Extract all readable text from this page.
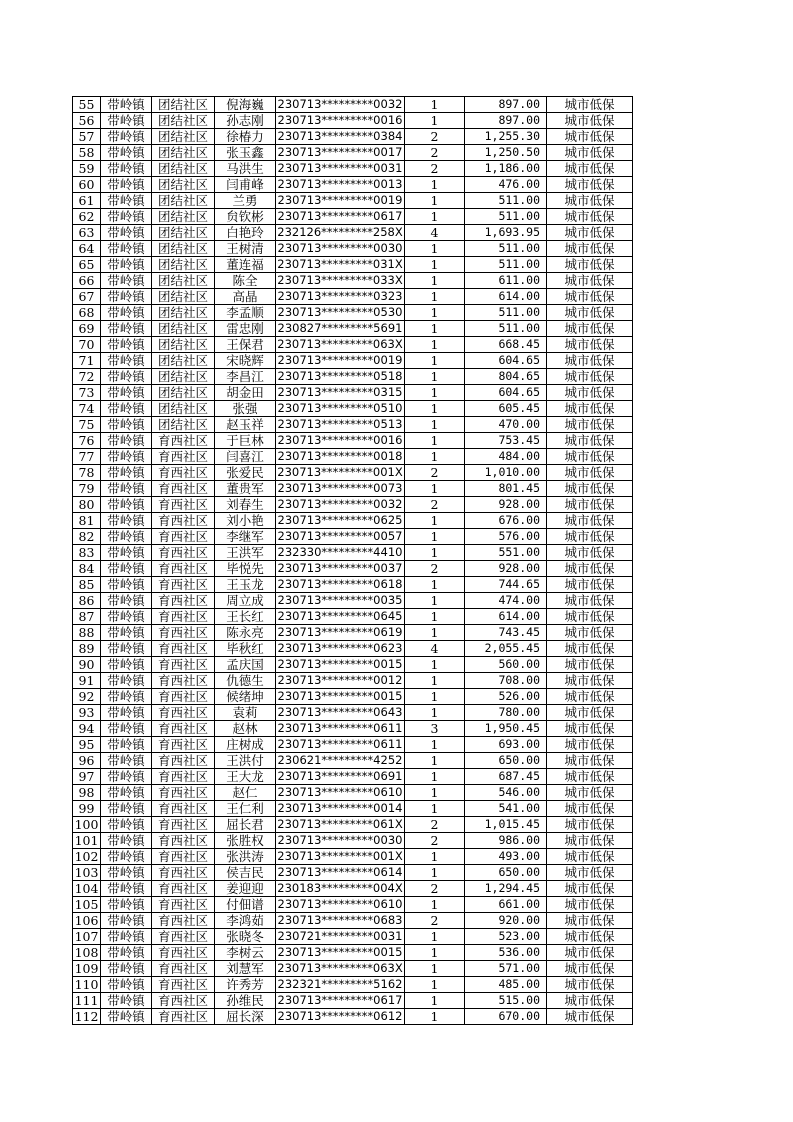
55	带岭镇	团结社区	倪海巍	230713*********0032	1	897.00	城市低保
56	带岭镇	团结社区	孙志刚	230713*********0016	1	897.00	城市低保
57	带岭镇	团结社区	徐椿力	230713*********0384	2	1,255.30	城市低保
58	带岭镇	团结社区	张玉鑫	230713*********0017	2	1,250.50	城市低保
59	带岭镇	团结社区	马洪生	230713*********0031	2	1,186.00	城市低保
60	带岭镇	团结社区	闫甫峰	230713*********0013	1	476.00	城市低保
61	带岭镇	团结社区	兰勇	230713*********0019	1	511.00	城市低保
62	带岭镇	团结社区	贠钦彬	230713*********0617	1	511.00	城市低保
63	带岭镇	团结社区	白艳玲	232126*********258X	4	1,693.95	城市低保
64	带岭镇	团结社区	王树清	230713*********0030	1	511.00	城市低保
65	带岭镇	团结社区	董连福	230713*********031X	1	511.00	城市低保
66	带岭镇	团结社区	陈全	230713*********033X	1	611.00	城市低保
67	带岭镇	团结社区	高晶	230713*********0323	1	614.00	城市低保
68	带岭镇	团结社区	李孟顺	230713*********0530	1	511.00	城市低保
69	带岭镇	团结社区	雷忠刚	230827*********5691	1	511.00	城市低保
70	带岭镇	团结社区	王保君	230713*********063X	1	668.45	城市低保
71	带岭镇	团结社区	宋晓辉	230713*********0019	1	604.65	城市低保
72	带岭镇	团结社区	李昌江	230713*********0518	1	804.65	城市低保
73	带岭镇	团结社区	胡金田	230713*********0315	1	604.65	城市低保
74	带岭镇	团结社区	张强	230713*********0510	1	605.45	城市低保
75	带岭镇	团结社区	赵玉祥	230713*********0513	1	470.00	城市低保
76	带岭镇	育西社区	于巨林	230713*********0016	1	753.45	城市低保
77	带岭镇	育西社区	闫喜江	230713*********0018	1	484.00	城市低保
78	带岭镇	育西社区	张爱民	230713*********001X	2	1,010.00	城市低保
79	带岭镇	育西社区	董贵军	230713*********0073	1	801.45	城市低保
80	带岭镇	育西社区	刘春生	230713*********0032	2	928.00	城市低保
81	带岭镇	育西社区	刘小艳	230713*********0625	1	676.00	城市低保
82	带岭镇	育西社区	李继军	230713*********0057	1	576.00	城市低保
83	带岭镇	育西社区	王洪军	232330*********4410	1	551.00	城市低保
84	带岭镇	育西社区	毕悦先	230713*********0037	2	928.00	城市低保
85	带岭镇	育西社区	王玉龙	230713*********0618	1	744.65	城市低保
86	带岭镇	育西社区	周立成	230713*********0035	1	474.00	城市低保
87	带岭镇	育西社区	王长红	230713*********0645	1	614.00	城市低保
88	带岭镇	育西社区	陈永亮	230713*********0619	1	743.45	城市低保
89	带岭镇	育西社区	毕秋红	230713*********0623	4	2,055.45	城市低保
90	带岭镇	育西社区	孟庆国	230713*********0015	1	560.00	城市低保
91	带岭镇	育西社区	仇德生	230713*********0012	1	708.00	城市低保
92	带岭镇	育西社区	候绪坤	230713*********0015	1	526.00	城市低保
93	带岭镇	育西社区	袁莉	230713*********0643	1	780.00	城市低保
94	带岭镇	育西社区	赵林	230713*********0611	3	1,950.45	城市低保
95	带岭镇	育西社区	庄树成	230713*********0611	1	693.00	城市低保
96	带岭镇	育西社区	王洪付	230621*********4252	1	650.00	城市低保
97	带岭镇	育西社区	王大龙	230713*********0691	1	687.45	城市低保
98	带岭镇	育西社区	赵仁	230713*********0610	1	546.00	城市低保
99	带岭镇	育西社区	王仁利	230713*********0014	1	541.00	城市低保
100	带岭镇	育西社区	屈长君	230713*********061X	2	1,015.45	城市低保
101	带岭镇	育西社区	张胜权	230713*********0030	2	986.00	城市低保
102	带岭镇	育西社区	张洪涛	230713*********001X	1	493.00	城市低保
103	带岭镇	育西社区	侯吉民	230713*********0614	1	650.00	城市低保
104	带岭镇	育西社区	姜迎迎	230183*********004X	2	1,294.45	城市低保
105	带岭镇	育西社区	付佃谱	230713*********0610	1	661.00	城市低保
106	带岭镇	育西社区	李鸿茹	230713*********0683	2	920.00	城市低保
107	带岭镇	育西社区	张晓冬	230721*********0031	1	523.00	城市低保
108	带岭镇	育西社区	李树云	230713*********0015	1	536.00	城市低保
109	带岭镇	育西社区	刘慧军	230713*********063X	1	571.00	城市低保
110	带岭镇	育西社区	许秀芳	232321*********5162	1	485.00	城市低保
111	带岭镇	育西社区	孙维民	230713*********0617	1	515.00	城市低保
112	带岭镇	育西社区	屈长深	230713*********0612	1	670.00	城市低保
